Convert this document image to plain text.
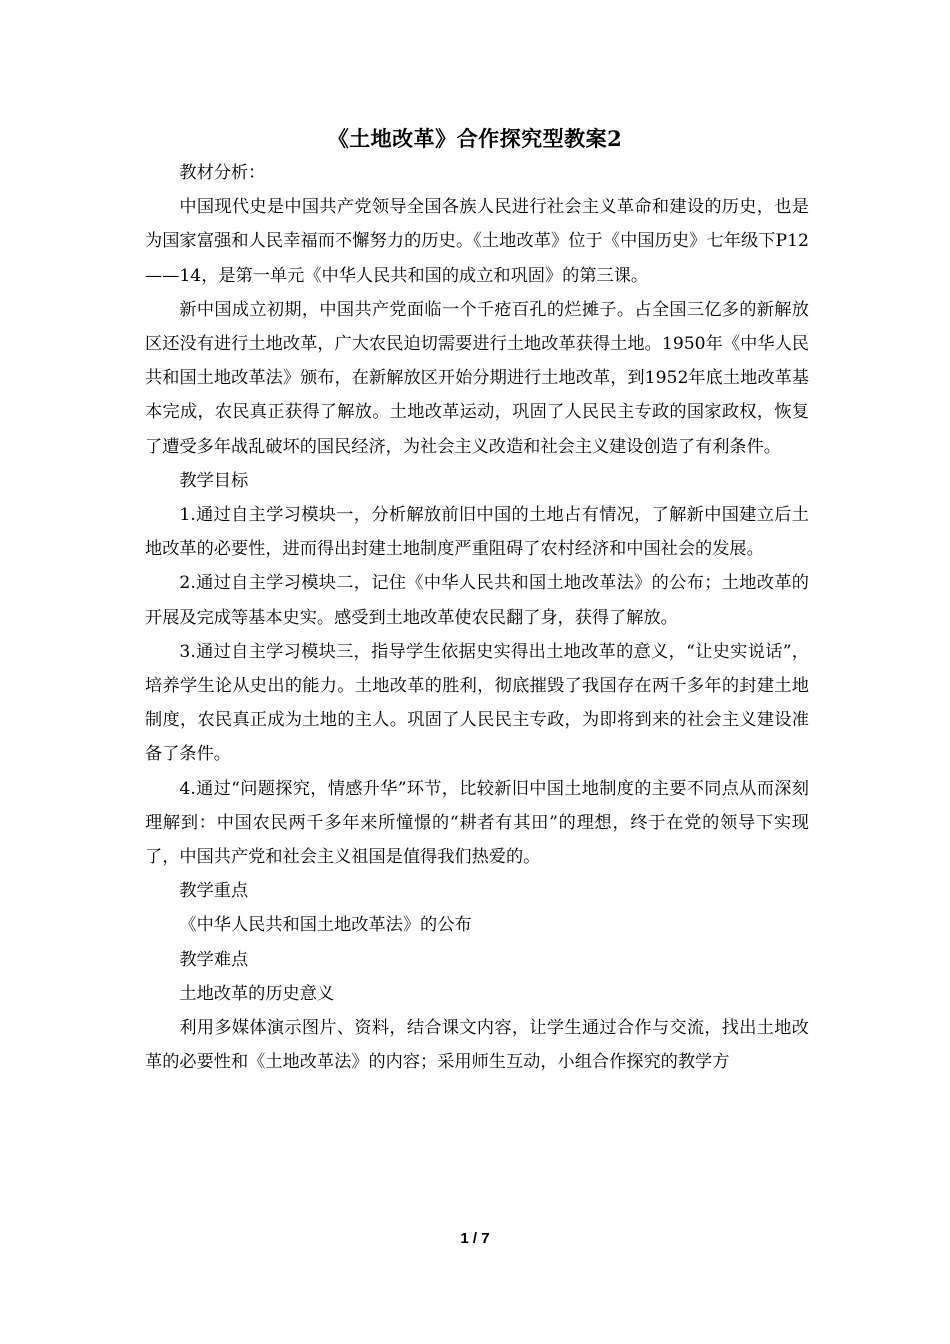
《土地改革》合作探究型教案2

教材分析：

中国现代史是中国共产党领导全国各族人民进行社会主义革命和建设的历史，也是为国家富强和人民幸福而不懈努力的历史。《土地改革》位于《中国历史》七年级下P12——14，是第一单元《中华人民共和国的成立和巩固》的第三课。

新中国成立初期，中国共产党面临一个千疮百孔的烂摊子。占全国三亿多的新解放区还没有进行土地改革，广大农民迫切需要进行土地改革获得土地。1950年《中华人民共和国土地改革法》颁布，在新解放区开始分期进行土地改革，到1952年底土地改革基本完成，农民真正获得了解放。土地改革运动，巩固了人民民主专政的国家政权，恢复了遭受多年战乱破坏的国民经济，为社会主义改造和社会主义建设创造了有利条件。

教学目标

1.通过自主学习模块一，分析解放前旧中国的土地占有情况，了解新中国建立后土地改革的必要性，进而得出封建土地制度严重阻碍了农村经济和中国社会的发展。

2.通过自主学习模块二，记住《中华人民共和国土地改革法》的公布；土地改革的开展及完成等基本史实。感受到土地改革使农民翻了身，获得了解放。

3.通过自主学习模块三，指导学生依据史实得出土地改革的意义，“让史实说话”，培养学生论从史出的能力。土地改革的胜利，彻底摧毁了我国存在两千多年的封建土地制度，农民真正成为土地的主人。巩固了人民民主专政，为即将到来的社会主义建设准备了条件。

4.通过“问题探究，情感升华”环节，比较新旧中国土地制度的主要不同点从而深刻理解到：中国农民两千多年来所憧憬的“耕者有其田”的理想，终于在党的领导下实现了，中国共产党和社会主义祖国是值得我们热爱的。

教学重点

《中华人民共和国土地改革法》的公布

教学难点

土地改革的历史意义

利用多媒体演示图片、资料，结合课文内容，让学生通过合作与交流，找出土地改革的必要性和《土地改革法》的内容；采用师生互动，小组合作探究的教学方

1 / 7
